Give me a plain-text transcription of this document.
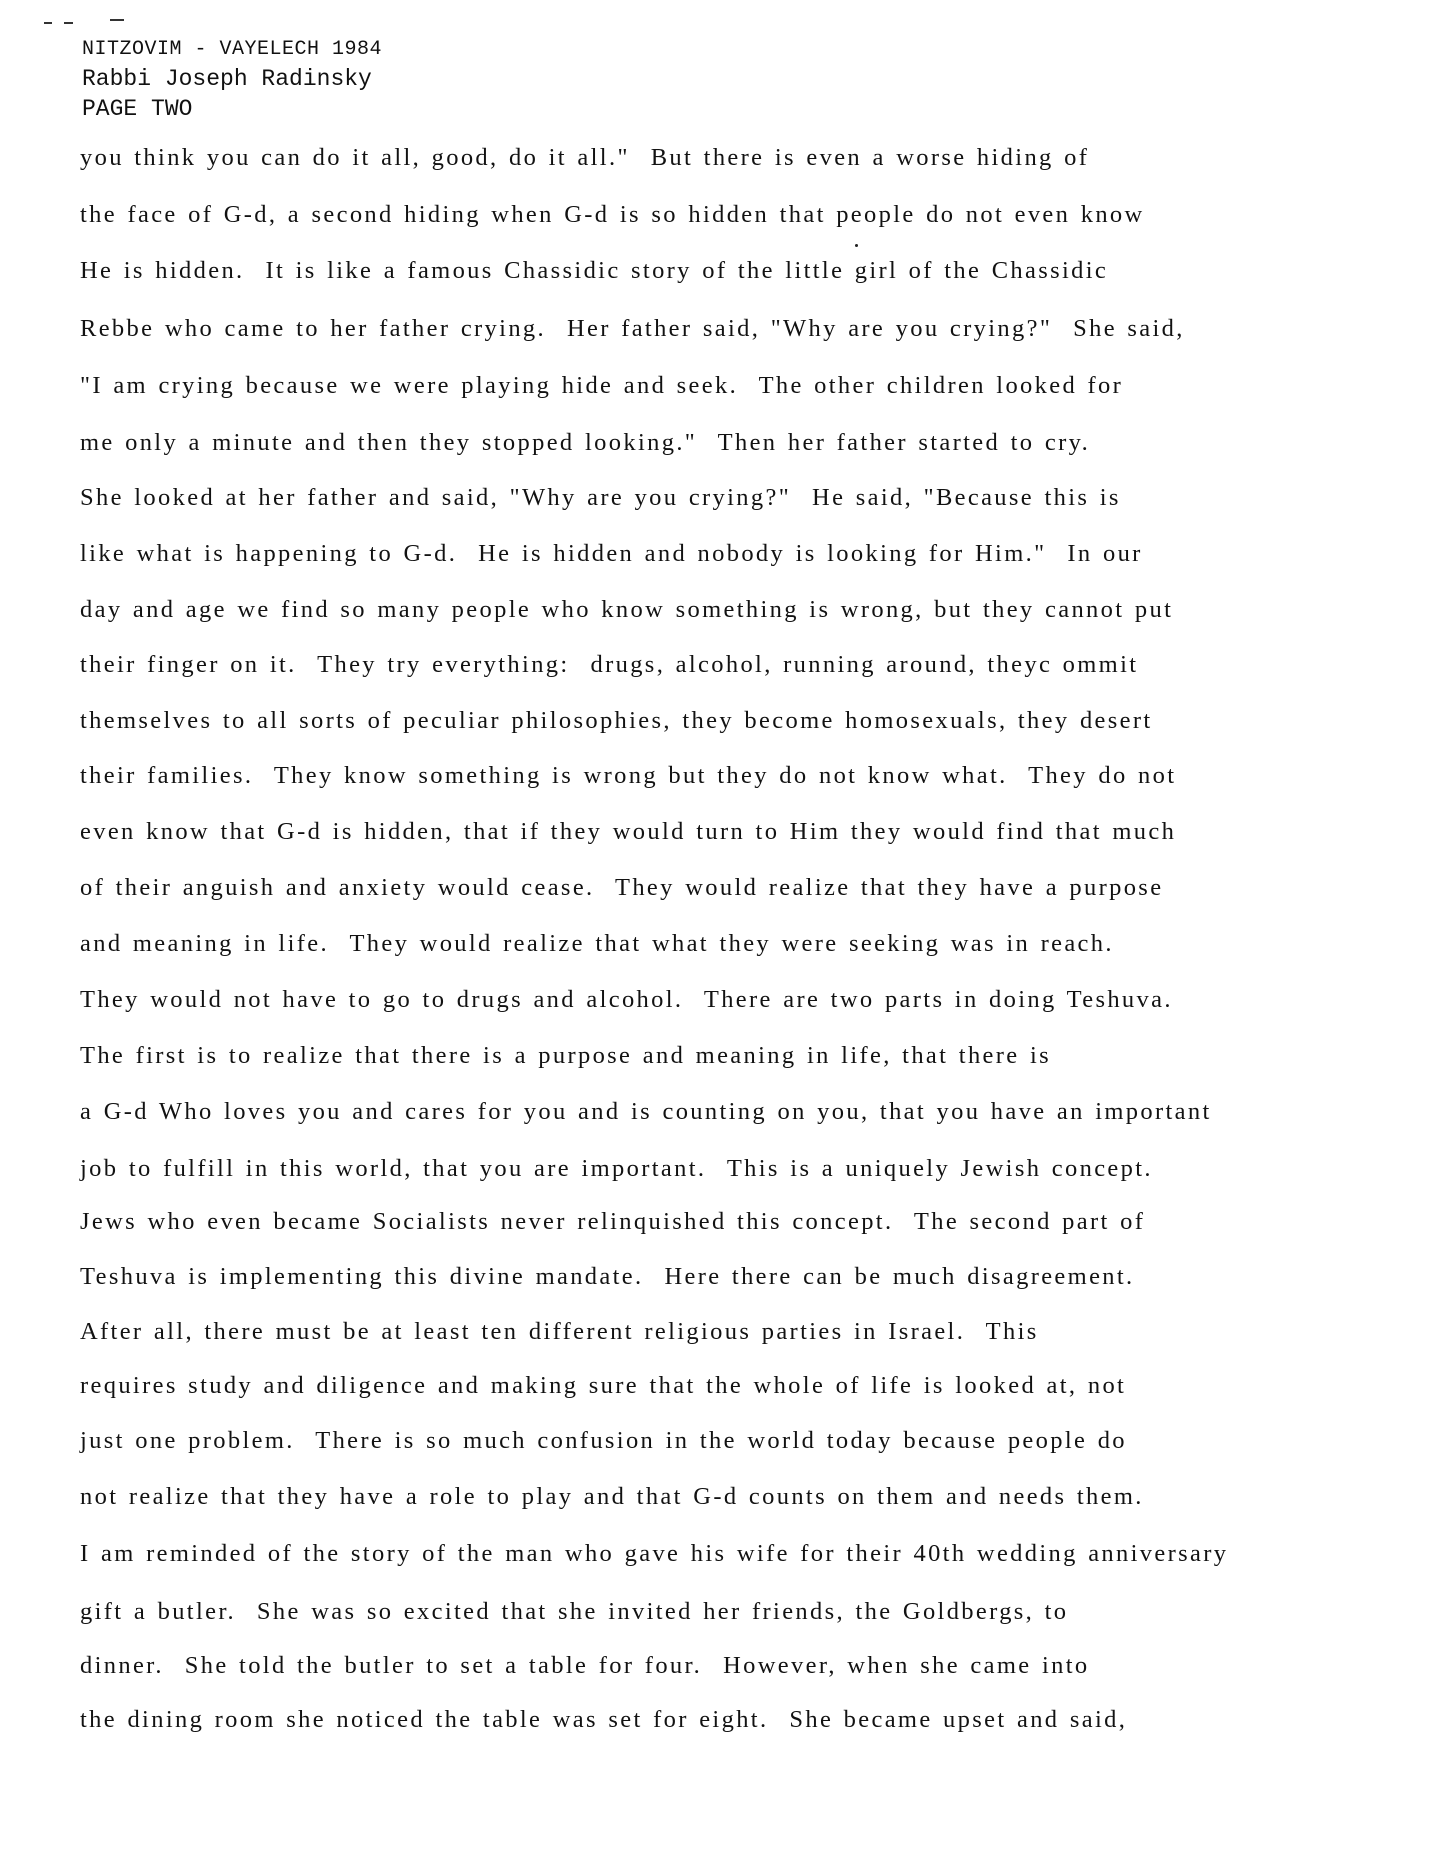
NITZOVIM - VAYELECH 1984
Rabbi Joseph Radinsky
PAGE TWO
you think you can do it all, good, do it all."  But there is even a worse hiding of
the face of G-d, a second hiding when G-d is so hidden that people do not even know
He is hidden.  It is like a famous Chassidic story of the little girl of the Chassidic
Rebbe who came to her father crying.  Her father said, "Why are you crying?"  She said,
"I am crying because we were playing hide and seek.  The other children looked for
me only a minute and then they stopped looking."  Then her father started to cry.
She looked at her father and said, "Why are you crying?"  He said, "Because this is
like what is happening to G-d.  He is hidden and nobody is looking for Him."  In our
day and age we find so many people who know something is wrong, but they cannot put
their finger on it.  They try everything:  drugs, alcohol, running around, theyc ommit
themselves to all sorts of peculiar philosophies, they become homosexuals, they desert
their families.  They know something is wrong but they do not know what.  They do not
even know that G-d is hidden, that if they would turn to Him they would find that much
of their anguish and anxiety would cease.  They would realize that they have a purpose
and meaning in life.  They would realize that what they were seeking was in reach.
They would not have to go to drugs and alcohol.  There are two parts in doing Teshuva.
The first is to realize that there is a purpose and meaning in life, that there is
a G-d Who loves you and cares for you and is counting on you, that you have an important
job to fulfill in this world, that you are important.  This is a uniquely Jewish concept.
Jews who even became Socialists never relinquished this concept.  The second part of
Teshuva is implementing this divine mandate.  Here there can be much disagreement.
After all, there must be at least ten different religious parties in Israel.  This
requires study and diligence and making sure that the whole of life is looked at, not
just one problem.  There is so much confusion in the world today because people do
not realize that they have a role to play and that G-d counts on them and needs them.
I am reminded of the story of the man who gave his wife for their 40th wedding anniversary
gift a butler.  She was so excited that she invited her friends, the Goldbergs, to
dinner.  She told the butler to set a table for four.  However, when she came into
the dining room she noticed the table was set for eight.  She became upset and said,
